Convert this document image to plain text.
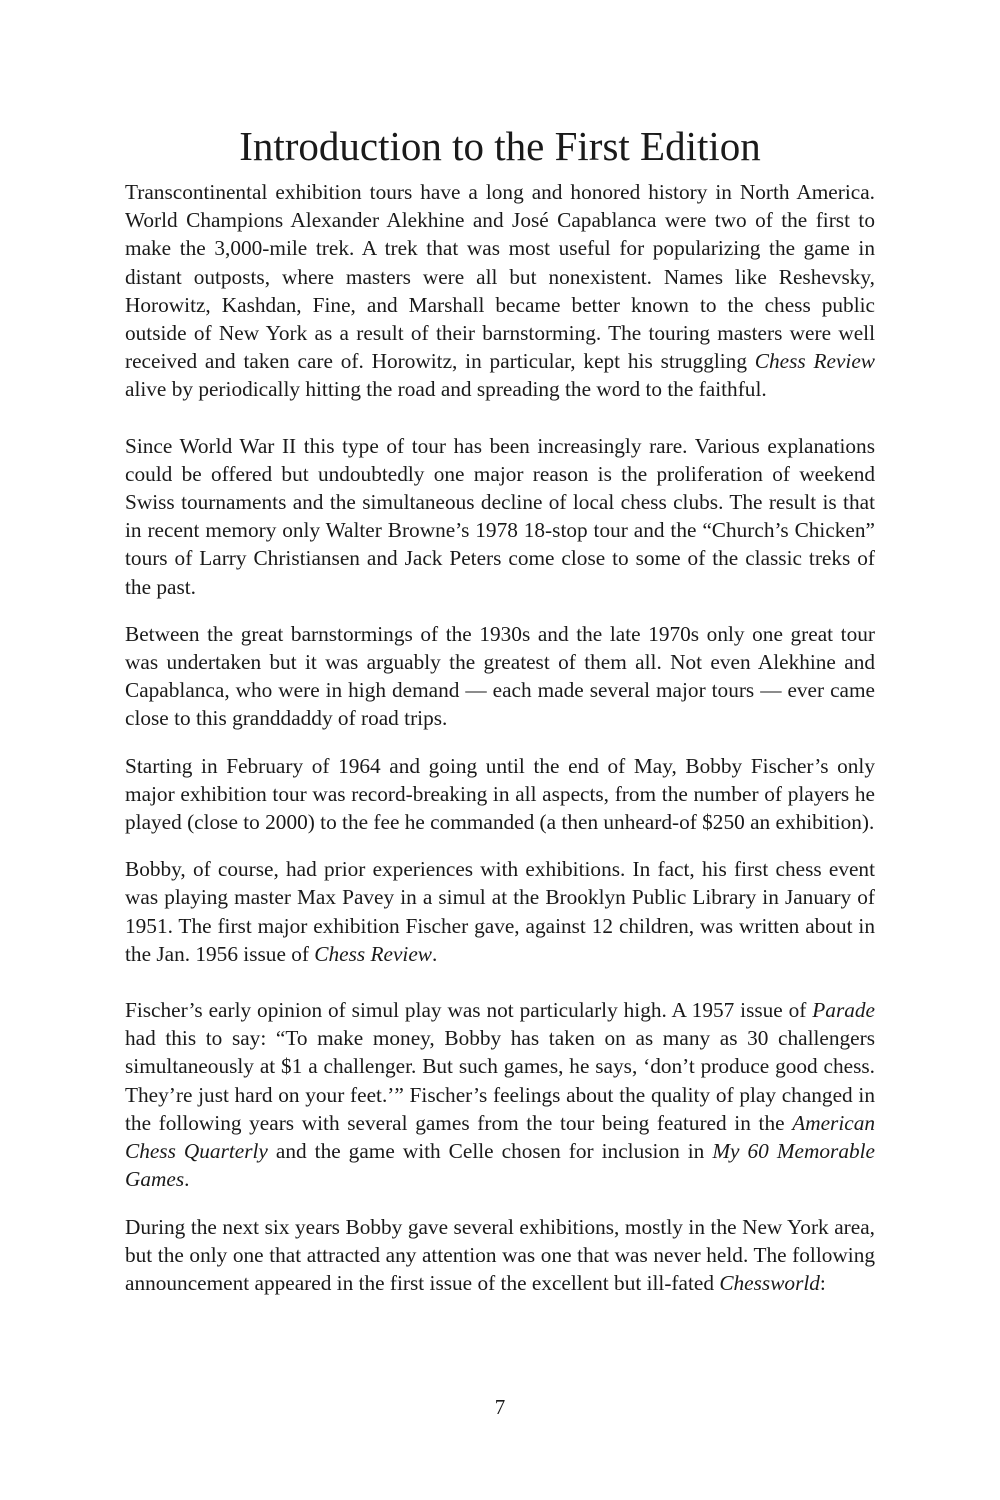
Introduction to the First Edition

Transcontinental exhibition tours have a long and honored history in North America. World Champions Alexander Alekhine and José Capablanca were two of the first to make the 3,000-mile trek. A trek that was most useful for popularizing the game in distant outposts, where masters were all but nonexistent. Names like Reshevsky, Horowitz, Kashdan, Fine, and Marshall became better known to the chess public outside of New York as a result of their barnstorming. The touring masters were well received and taken care of. Horowitz, in particular, kept his struggling Chess Review alive by periodically hitting the road and spreading the word to the faithful.

Since World War II this type of tour has been increasingly rare. Various explanations could be offered but undoubtedly one major reason is the proliferation of weekend Swiss tournaments and the simultaneous decline of local chess clubs. The result is that in recent memory only Walter Browne’s 1978 18-stop tour and the “Church’s Chicken” tours of Larry Christiansen and Jack Peters come close to some of the classic treks of the past.

Between the great barnstormings of the 1930s and the late 1970s only one great tour was undertaken but it was arguably the greatest of them all. Not even Alekhine and Capablanca, who were in high demand — each made several major tours — ever came close to this granddaddy of road trips.

Starting in February of 1964 and going until the end of May, Bobby Fischer’s only major exhibition tour was record-breaking in all aspects, from the number of players he played (close to 2000) to the fee he commanded (a then unheard-of $250 an exhibition).

Bobby, of course, had prior experiences with exhibitions. In fact, his first chess event was playing master Max Pavey in a simul at the Brooklyn Public Library in January of 1951. The first major exhibition Fischer gave, against 12 children, was written about in the Jan. 1956 issue of Chess Review.

Fischer’s early opinion of simul play was not particularly high. A 1957 issue of Parade had this to say: “To make money, Bobby has taken on as many as 30 challengers simultaneously at $1 a challenger. But such games, he says, ‘don’t produce good chess. They’re just hard on your feet.’” Fischer’s feelings about the quality of play changed in the following years with several games from the tour being featured in the American Chess Quarterly and the game with Celle chosen for inclusion in My 60 Memorable Games.

During the next six years Bobby gave several exhibitions, mostly in the New York area, but the only one that attracted any attention was one that was never held. The following announcement appeared in the first issue of the excellent but ill-fated Chessworld:

7
